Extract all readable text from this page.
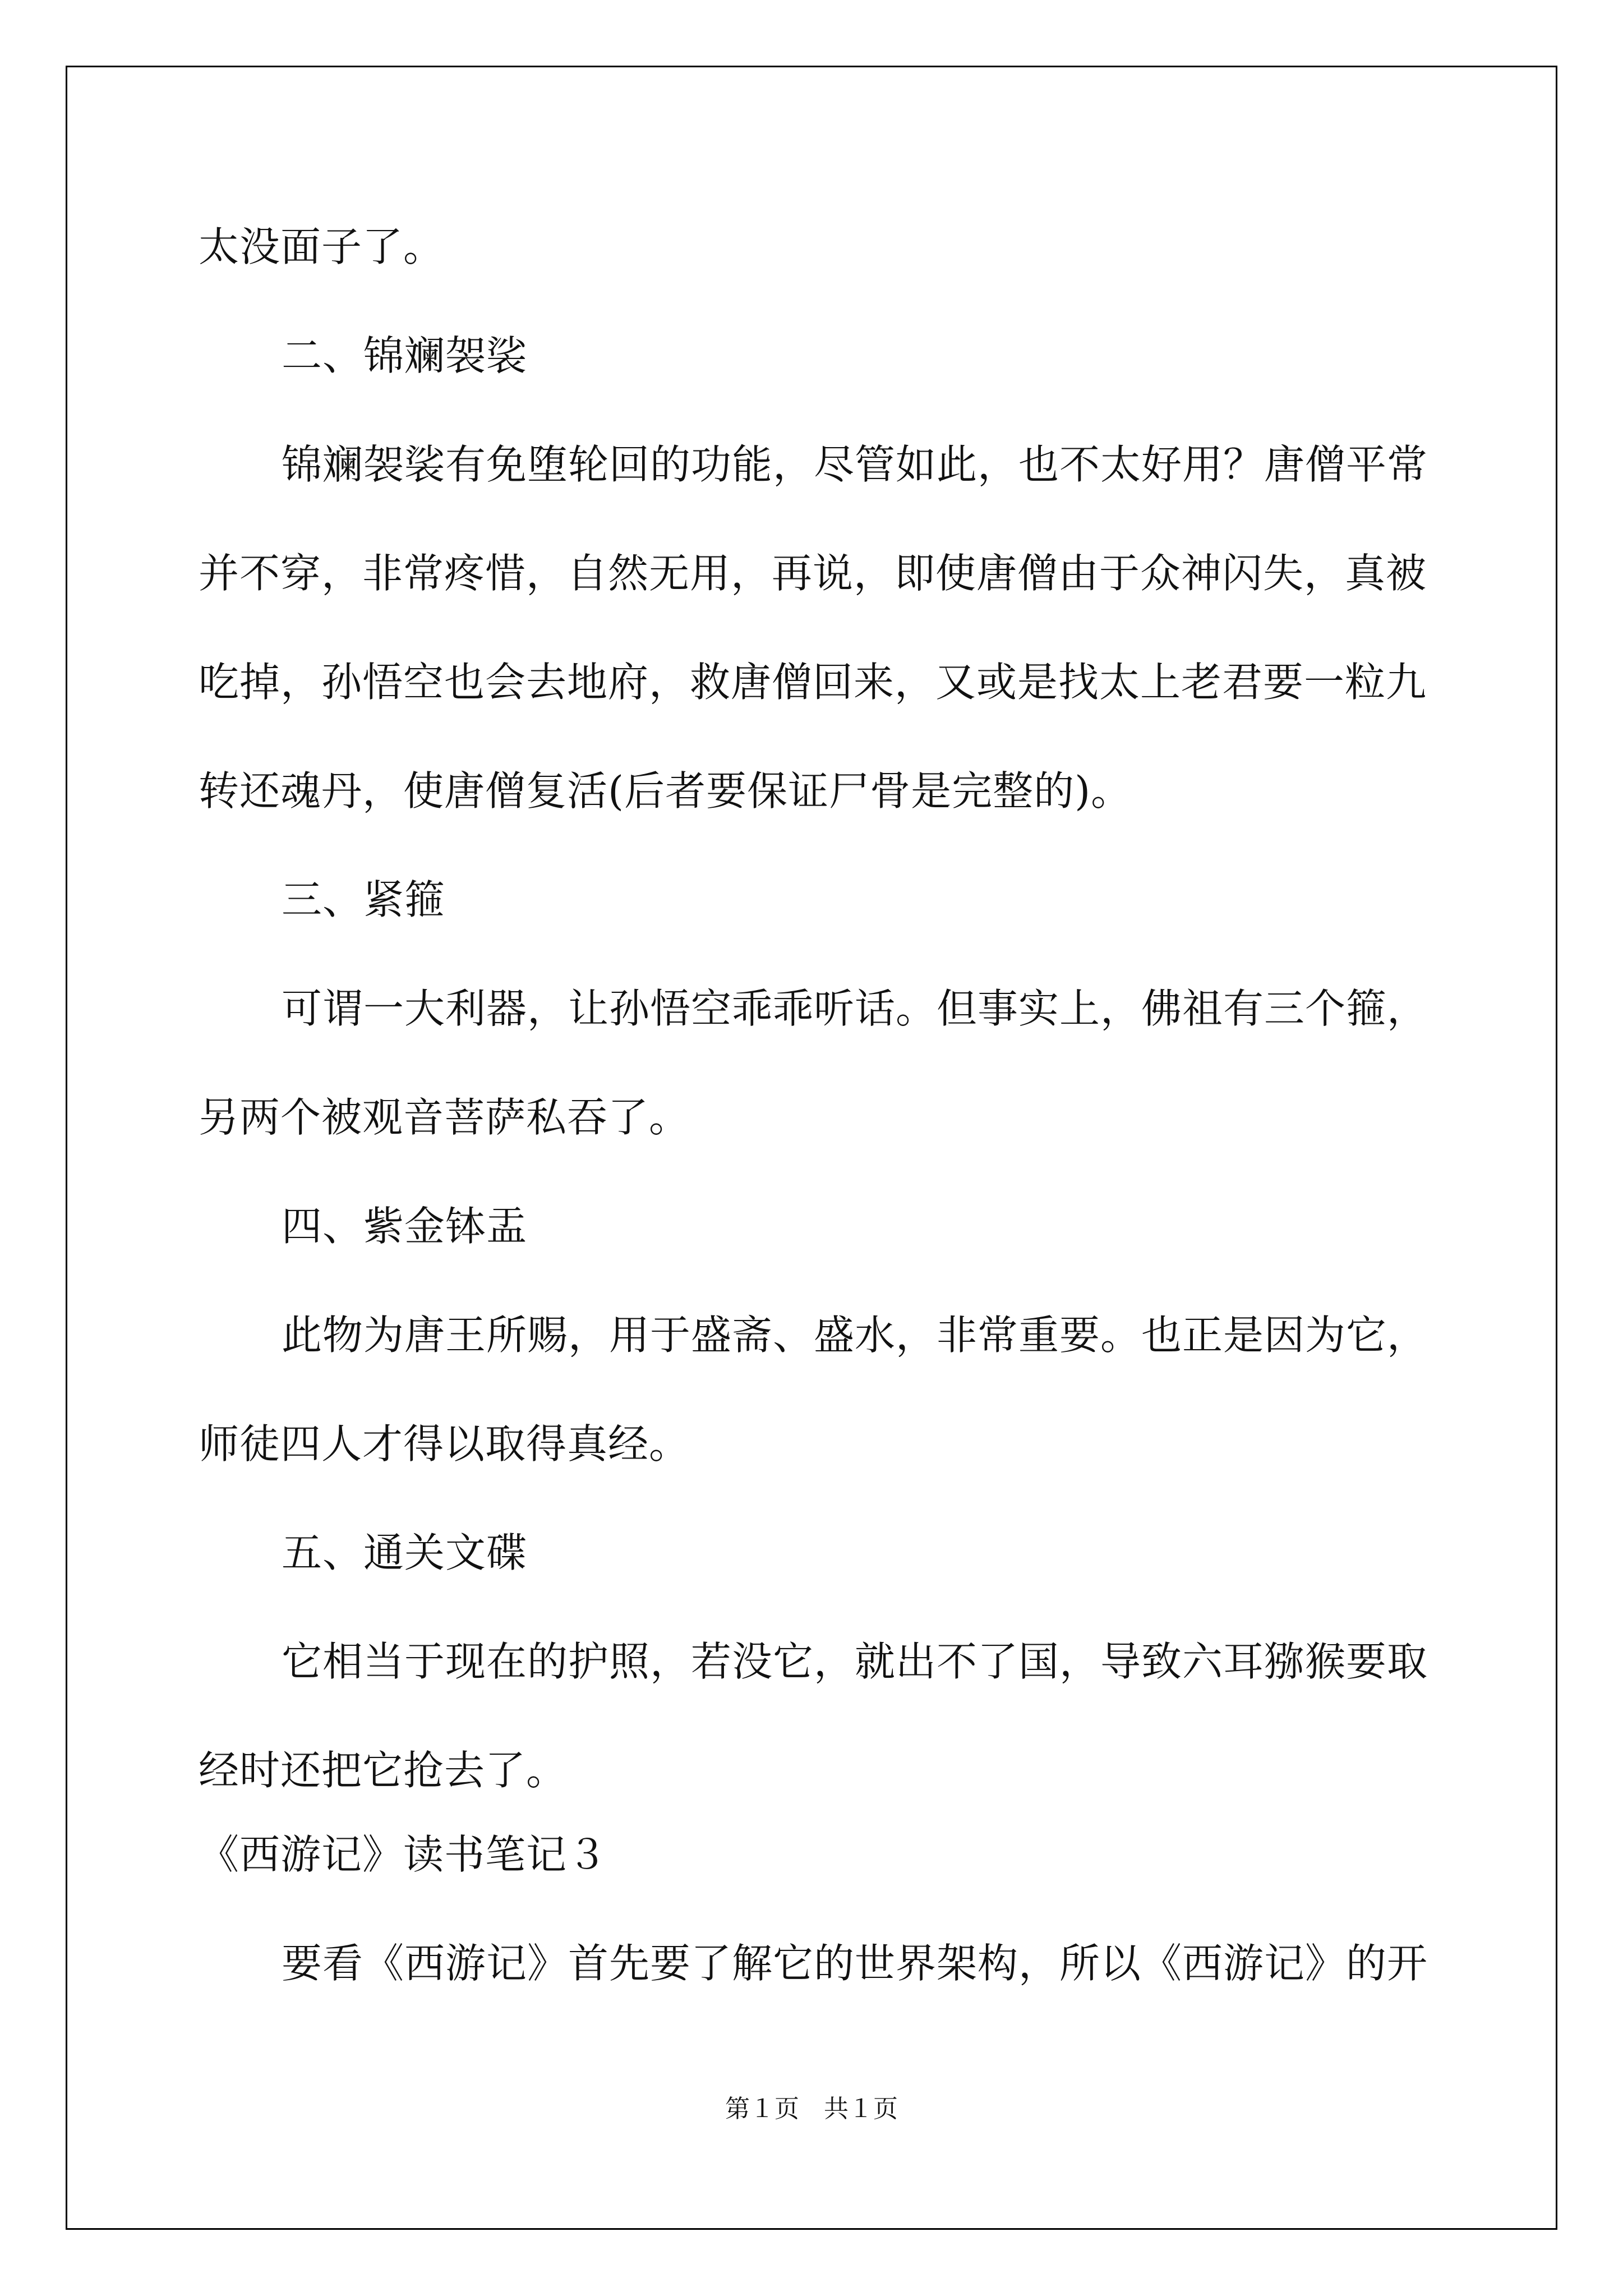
太没面子了。
二、锦斓袈裟
锦斓袈裟有免堕轮回的功能，尽管如此，也不太好用？唐僧平常
并不穿，非常疼惜，自然无用，再说，即使唐僧由于众神闪失，真被
吃掉，孙悟空也会去地府，救唐僧回来，又或是找太上老君要一粒九
转还魂丹，使唐僧复活(后者要保证尸骨是完整的)。
三、紧箍
可谓一大利器，让孙悟空乖乖听话。但事实上，佛祖有三个箍，
另两个被观音菩萨私吞了。
四、紫金钵盂
此物为唐王所赐，用于盛斋、盛水，非常重要。也正是因为它，
师徒四人才得以取得真经。
五、通关文碟
它相当于现在的护照，若没它，就出不了国，导致六耳猕猴要取
经时还把它抢去了。
《西游记》读书笔记３
要看《西游记》首先要了解它的世界架构，所以《西游记》的开
第１页　共１页
